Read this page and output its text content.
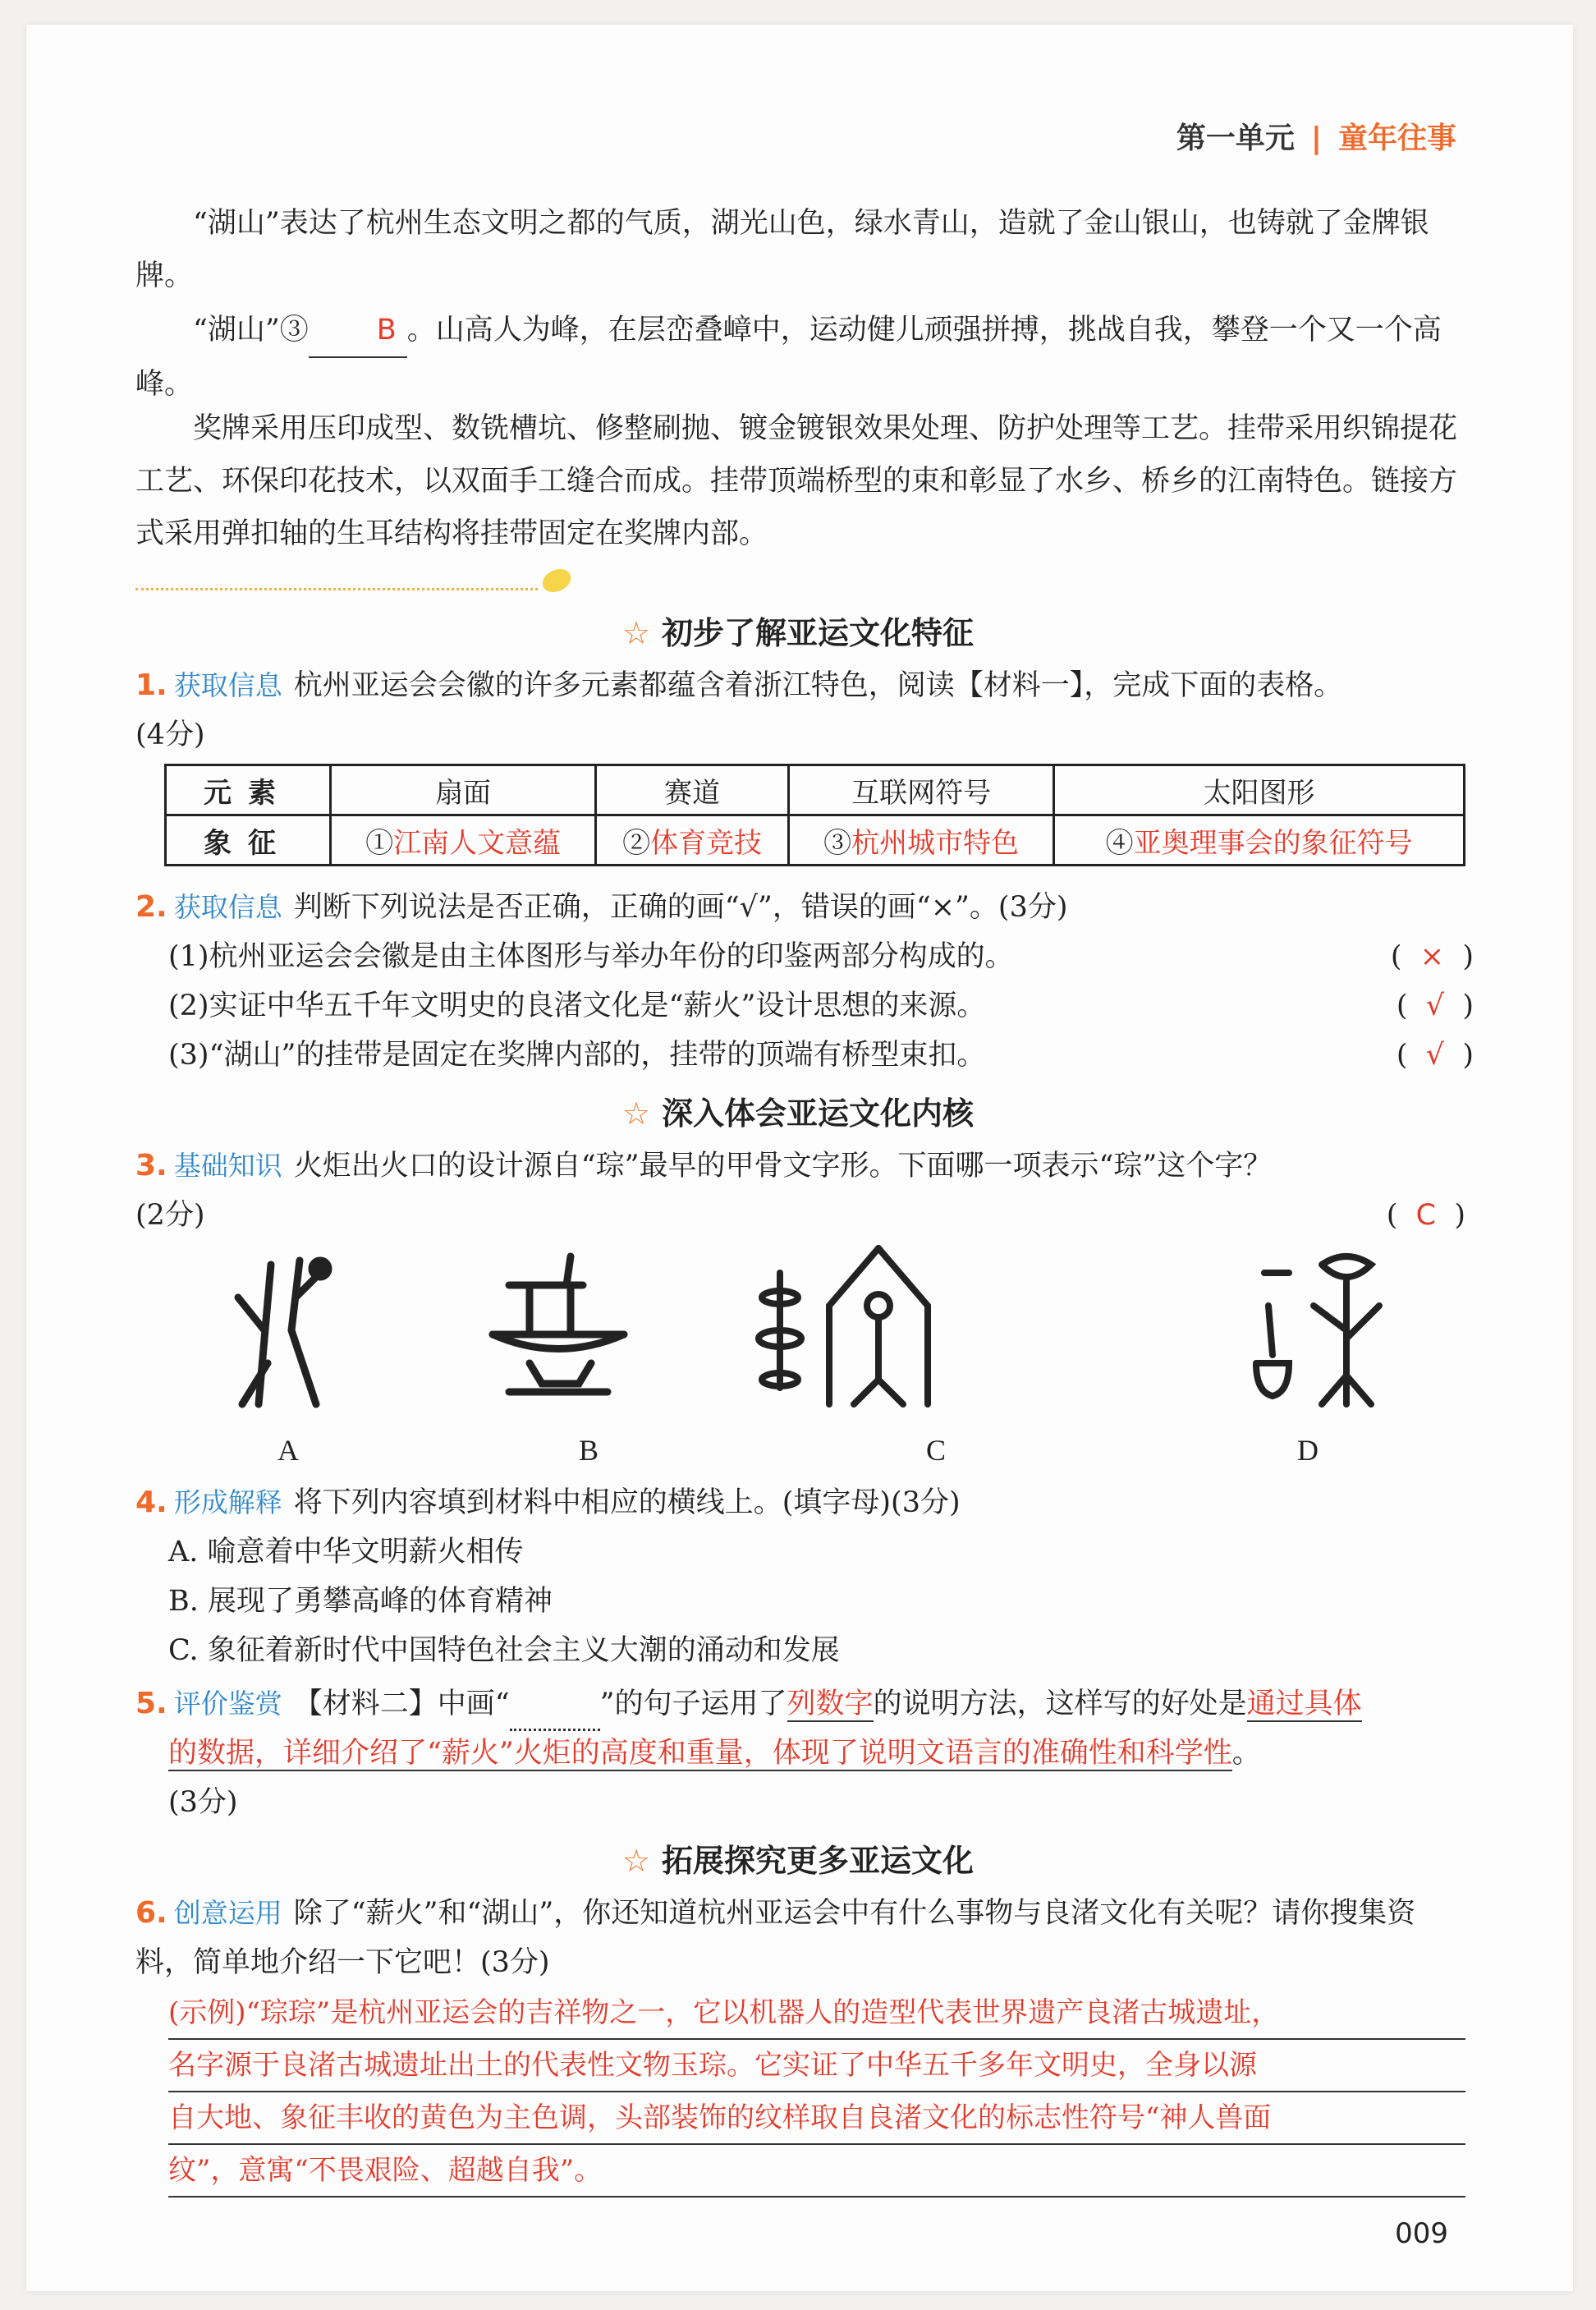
第一单元 | 童年往事
“湖山”表达了杭州生态文明之都的气质，湖光山色，绿水青山，造就了金山银山，也铸就了金牌银牌。
“湖山”③ B 。山高人为峰，在层峦叠嶂中，运动健儿顽强拼搏，挑战自我，攀登一个又一个高峰。
奖牌采用压印成型、数铣槽坑、修整刷抛、镀金镀银效果处理、防护处理等工艺。挂带采用织锦提花工艺、环保印花技术，以双面手工缝合而成。挂带顶端桥型的束和彰显了水乡、桥乡的江南特色。链接方式采用弹扣轴的生耳结构将挂带固定在奖牌内部。
☆ 初步了解亚运文化特征
1. 获取信息 杭州亚运会会徽的许多元素都蕴含着浙江特色，阅读【材料一】，完成下面的表格。
(4分)
元素	扇面	赛道	互联网符号	太阳图形
象征	①江南人文意蕴	②体育竞技	③杭州城市特色	④亚奥理事会的象征符号
2. 获取信息 判断下列说法是否正确，正确的画“√”，错误的画“×”。(3分)
(1)杭州亚运会会徽是由主体图形与举办年份的印鉴两部分构成的。	(  ×  )
(2)实证中华五千年文明史的良渚文化是“薪火”设计思想的来源。	(  √  )
(3)“湖山”的挂带是固定在奖牌内部的，挂带的顶端有桥型束扣。	(  √  )
☆ 深入体会亚运文化内核
3. 基础知识 火炬出火口的设计源自“琮”最早的甲骨文字形。下面哪一项表示“琮”这个字？
(2分)	(  C  )
A	B	C	D
4. 形成解释 将下列内容填到材料中相应的横线上。(填字母)(3分)
A. 喻意着中华文明薪火相传
B. 展现了勇攀高峰的体育精神
C. 象征着新时代中国特色社会主义大潮的涌动和发展
5. 评价鉴赏 【材料二】中画“	”的句子运用了列数字的说明方法，这样写的好处是通过具体
的数据，详细介绍了“薪火”火炬的高度和重量，体现了说明文语言的准确性和科学性。
(3分)
☆ 拓展探究更多亚运文化
6. 创意运用 除了“薪火”和“湖山”，你还知道杭州亚运会中有什么事物与良渚文化有关呢？请你搜集资料，简单地介绍一下它吧！(3分)
(示例)“琮琮”是杭州亚运会的吉祥物之一，它以机器人的造型代表世界遗产良渚古城遗址，
名字源于良渚古城遗址出土的代表性文物玉琮。它实证了中华五千多年文明史，全身以源
自大地、象征丰收的黄色为主色调，头部装饰的纹样取自良渚文化的标志性符号“神人兽面
纹”，意寓“不畏艰险、超越自我”。
009
